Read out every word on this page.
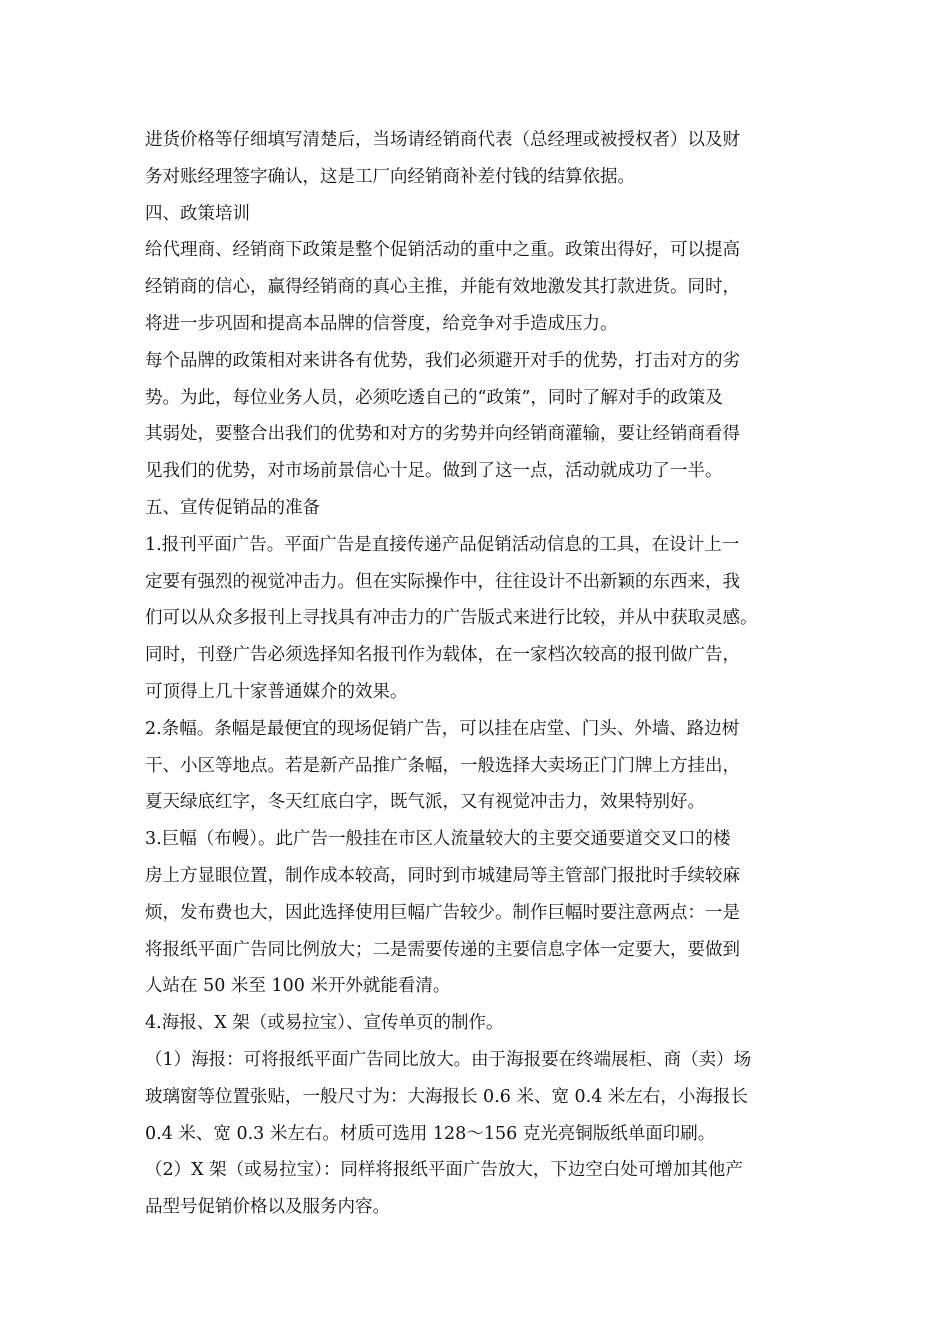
进货价格等仔细填写清楚后，当场请经销商代表（总经理或被授权者）以及财
务对账经理签字确认，这是工厂向经销商补差付钱的结算依据。
四、政策培训
给代理商、经销商下政策是整个促销活动的重中之重。政策出得好，可以提高
经销商的信心，赢得经销商的真心主推，并能有效地激发其打款进货。同时，
将进一步巩固和提高本品牌的信誉度，给竞争对手造成压力。
每个品牌的政策相对来讲各有优势，我们必须避开对手的优势，打击对方的劣
势。为此，每位业务人员，必须吃透自己的“政策”，同时了解对手的政策及
其弱处，要整合出我们的优势和对方的劣势并向经销商灌输，要让经销商看得
见我们的优势，对市场前景信心十足。做到了这一点，活动就成功了一半。
五、宣传促销品的准备
1.报刊平面广告。平面广告是直接传递产品促销活动信息的工具，在设计上一
定要有强烈的视觉冲击力。但在实际操作中，往往设计不出新颖的东西来，我
们可以从众多报刊上寻找具有冲击力的广告版式来进行比较，并从中获取灵感。
同时，刊登广告必须选择知名报刊作为载体，在一家档次较高的报刊做广告，
可顶得上几十家普通媒介的效果。
2.条幅。条幅是最便宜的现场促销广告，可以挂在店堂、门头、外墙、路边树
干、小区等地点。若是新产品推广条幅，一般选择大卖场正门门牌上方挂出，
夏天绿底红字，冬天红底白字，既气派，又有视觉冲击力，效果特别好。
3.巨幅（布幔）。此广告一般挂在市区人流量较大的主要交通要道交叉口的楼
房上方显眼位置，制作成本较高，同时到市城建局等主管部门报批时手续较麻
烦，发布费也大，因此选择使用巨幅广告较少。制作巨幅时要注意两点：一是
将报纸平面广告同比例放大；二是需要传递的主要信息字体一定要大，要做到
人站在 50 米至 100 米开外就能看清。
4.海报、X 架（或易拉宝）、宣传单页的制作。
（1）海报：可将报纸平面广告同比放大。由于海报要在终端展柜、商（卖）场
玻璃窗等位置张贴，一般尺寸为：大海报长 0.6 米、宽 0.4 米左右，小海报长
0.4 米、宽 0.3 米左右。材质可选用 128～156 克光亮铜版纸单面印刷。
（2）X 架（或易拉宝）：同样将报纸平面广告放大，下边空白处可增加其他产
品型号促销价格以及服务内容。
